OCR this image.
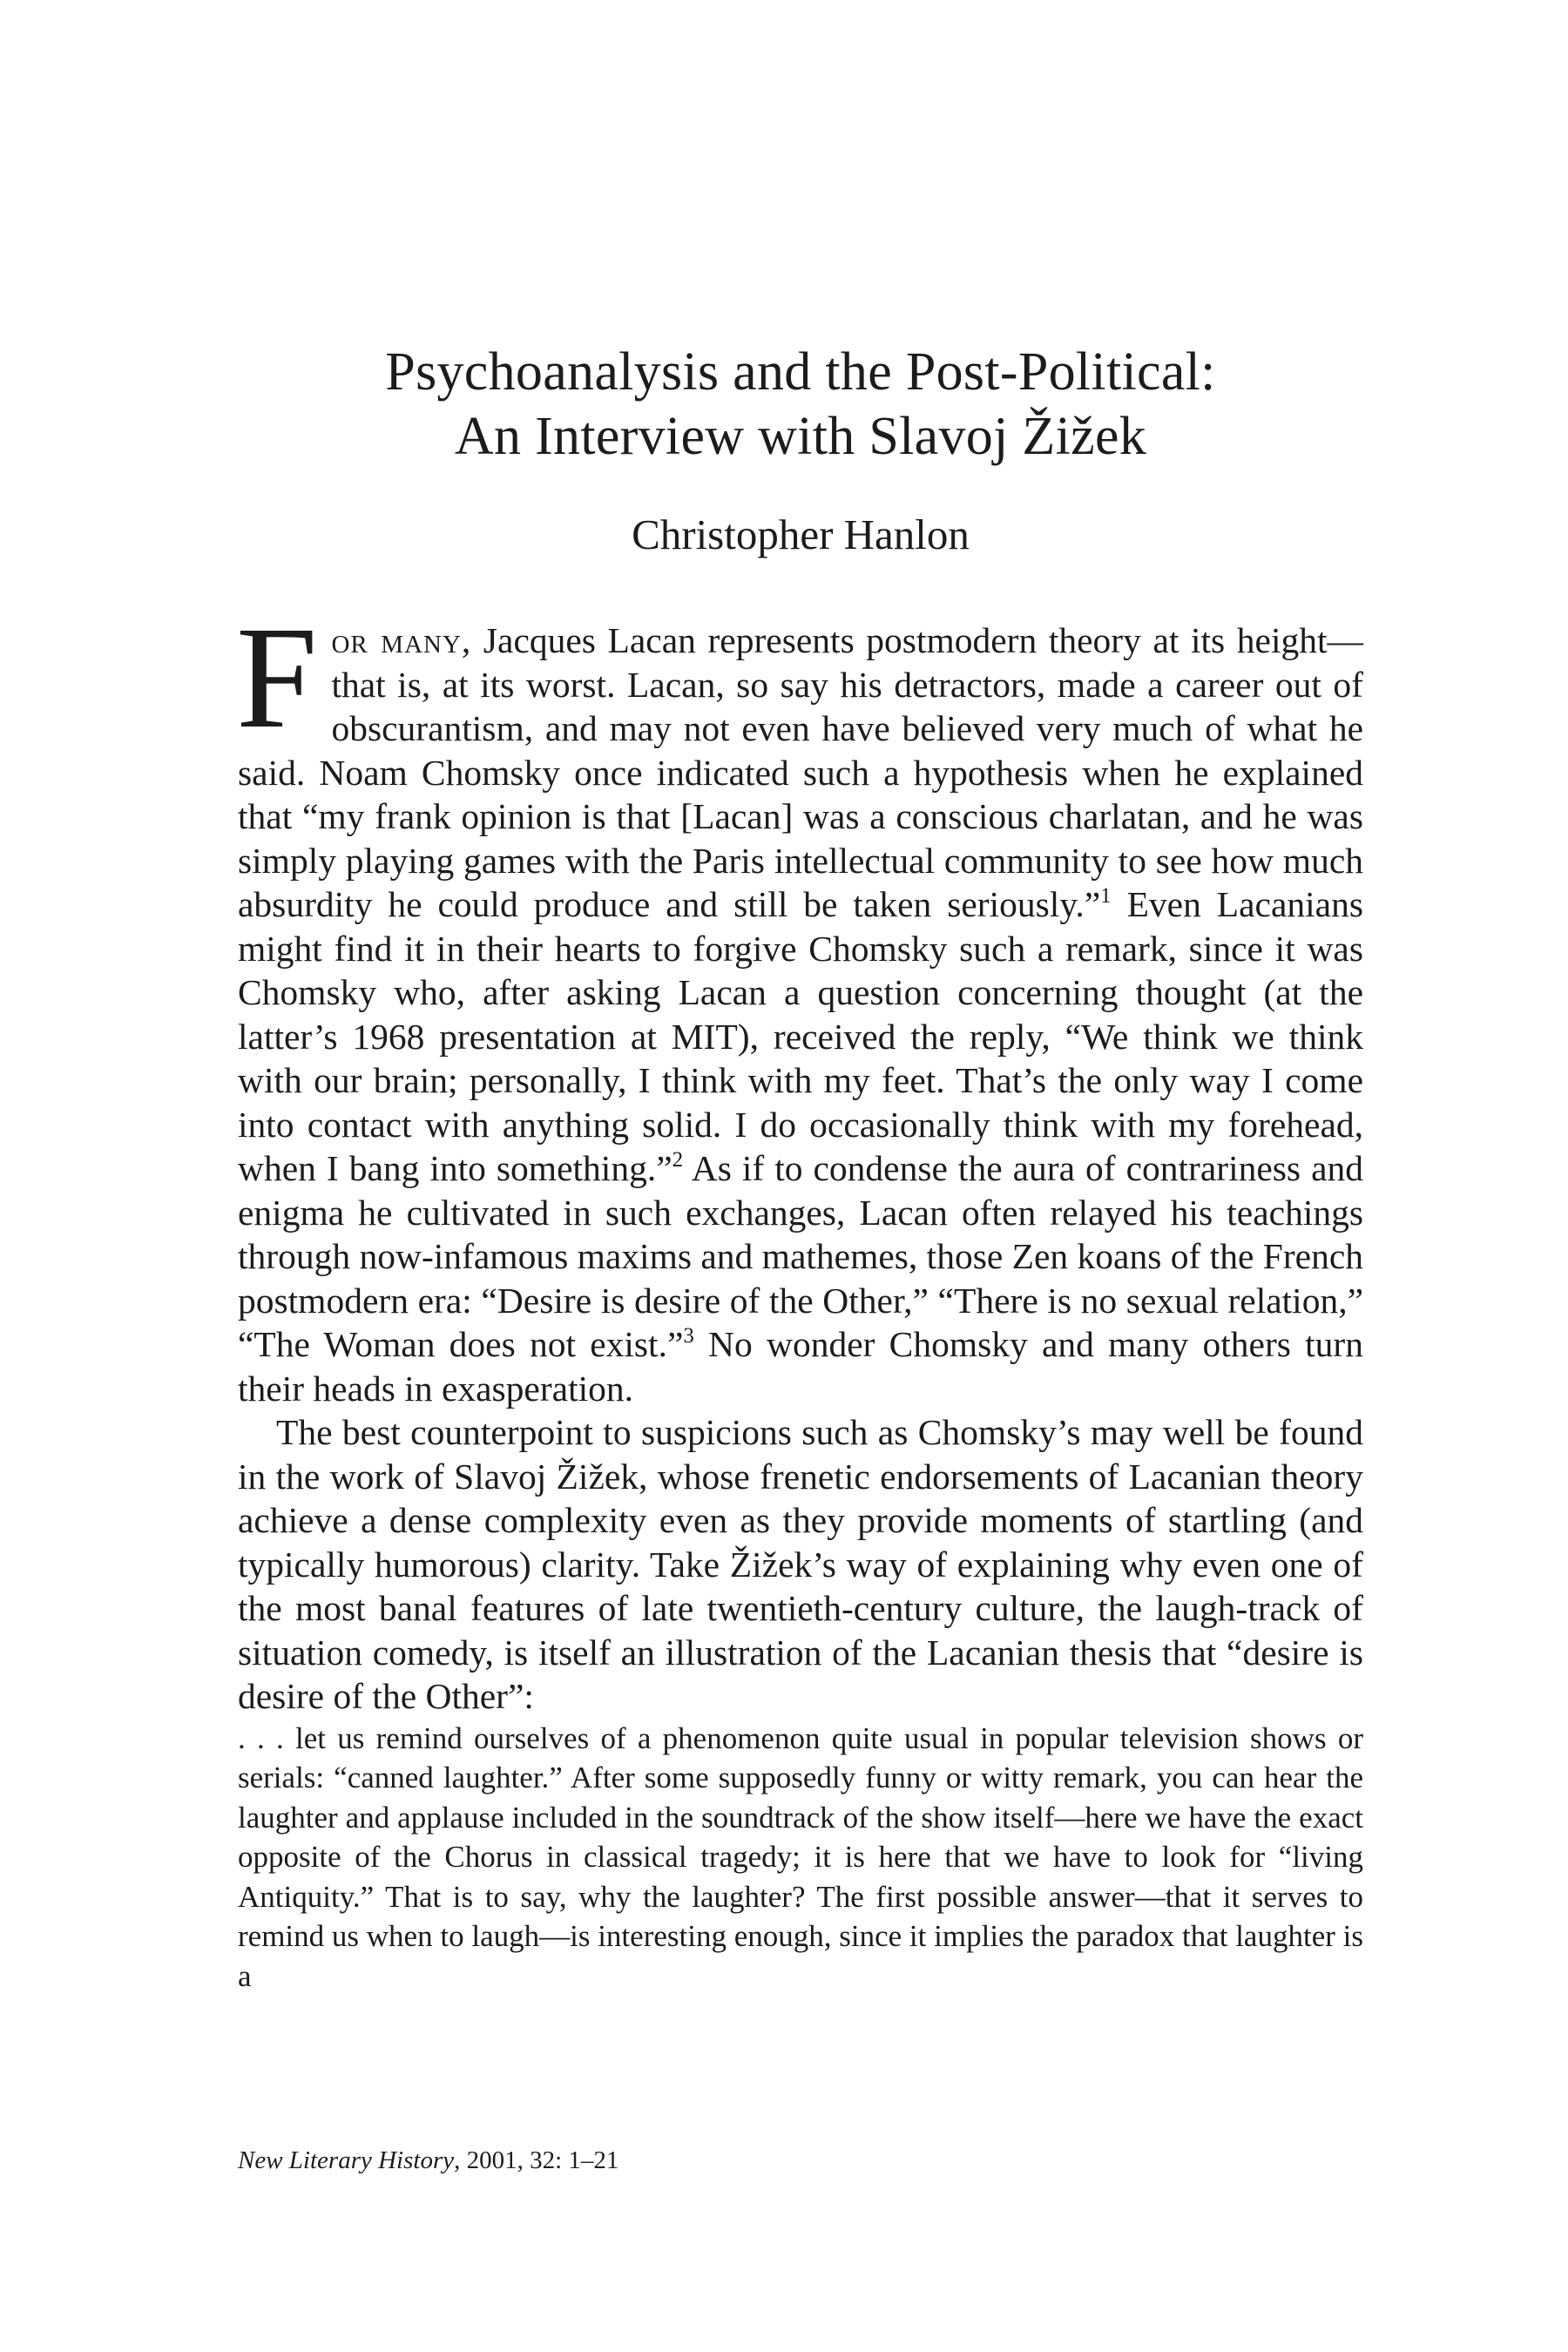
Psychoanalysis and the Post-Political:
An Interview with Slavoj Žižek
Christopher Hanlon

For many, Jacques Lacan represents postmodern theory at its height—that is, at its worst. Lacan, so say his detractors, made a career out of obscurantism, and may not even have believed very much of what he said. Noam Chomsky once indicated such a hypothesis when he explained that “my frank opinion is that [Lacan] was a conscious charlatan, and he was simply playing games with the Paris intellectual community to see how much absurdity he could produce and still be taken seriously.”$^1$ Even Lacanians might find it in their hearts to forgive Chomsky such a remark, since it was Chomsky who, after asking Lacan a question concerning thought (at the latter’s 1968 presentation at MIT), received the reply, “We think we think with our brain; personally, I think with my feet. That’s the only way I come into contact with anything solid. I do occasionally think with my forehead, when I bang into something.”$^2$ As if to condense the aura of contrariness and enigma he cultivated in such exchanges, Lacan often relayed his teachings through now-infamous maxims and mathemes, those Zen koans of the French postmodern era: “Desire is desire of the Other,” “There is no sexual relation,” “The Woman does not exist.”$^3$ No wonder Chomsky and many others turn their heads in exasperation.

The best counterpoint to suspicions such as Chomsky’s may well be found in the work of Slavoj Žižek, whose frenetic endorsements of Lacanian theory achieve a dense complexity even as they provide moments of startling (and typically humorous) clarity. Take Žižek’s way of explaining why even one of the most banal features of late twentieth-century culture, the laugh-track of situation comedy, is itself an illustration of the Lacanian thesis that “desire is desire of the Other”:

. . . let us remind ourselves of a phenomenon quite usual in popular television shows or serials: “canned laughter.” After some supposedly funny or witty remark, you can hear the laughter and applause included in the soundtrack of the show itself—here we have the exact opposite of the Chorus in classical tragedy; it is here that we have to look for “living Antiquity.” That is to say, why the laughter? The first possible answer—that it serves to remind us when to laugh—is interesting enough, since it implies the paradox that laughter is a

New Literary History, 2001, 32: 1–21
